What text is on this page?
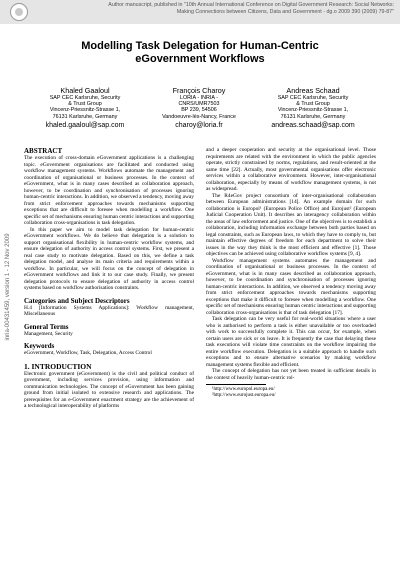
Author manuscript, published in "10th Annual International Conference on Digital Government Research: Social Networks:
Making Connections between Citizens, Data and Government - dg.o 2009 390 (2009) 79-87"
inria-00431459, version 1 - 12 Nov 2009
Modelling Task Delegation for Human-Centric
eGovernment Workflows
Khaled Gaaloul
SAP CEC Karlsruhe, Security
& Trust Group
Vincenz-Priessnitz-Strasse 1,
76131 Karlsruhe, Germany
khaled.gaaloul@sap.com
François Charoy
LORIA - INRIA -
CNRS/UMR7503
BP 239, 54506
Vandoeuvre-lès-Nancy, France
charoy@loria.fr
Andreas Schaad
SAP CEC Karlsruhe, Security
& Trust Group
Vincenz-Priessnitz-Strasse 1,
76131 Karlsruhe, Germany
andreas.schaad@sap.com
ABSTRACT

The execution of cross-domain eGovernment applications is a challenging topic. eGovernment organisations are facilitated and conducted using workflow management systems. Workflows automate the management and coordination of organisational or business processes. In the context of eGovernment, what is in many cases described as collaboration approach, however, to be coordination and synchronisation of processes ignoring human-centric interactions. In addition, we observed a tendency, moving away from strict enforcement approaches towards mechanisms supporting exceptions that are difficult to foresee when modelling a workflow. One specific set of mechanisms ensuring human centric interactions and supporting collaboration cross-organisations is task delegation.

In this paper we aim to model task delegation for human-centric eGovernment workflows. We do believe that delegation is a solution to support organisational flexibility in human-centric workflow systems, and ensure delegation of authority in access control systems. First, we present a real case study to motivate delegation. Based on this, we define a task delegation model, and analyse its main criteria and requirements within a workflow. In particular, we will focus on the concept of delegation in eGovernment workflows and link it to our case study. Finally, we present delegation protocols to ensure delegation of authority in access control systems based on workflow authorisation constraints.

Categories and Subject Descriptors

H.4 [Information Systems Applications]: Workflow management, Miscellaneous

General Terms

Management, Security

Keywords

eGovernment, Workflow, Task, Delegation, Access Control

1. INTRODUCTION

Electronic government (eGovernment) is the civil and political conduct of government, including services provision, using information and communication technologies. The concept of eGovernment has been gaining ground from initial isolated to extensive research and applications. The prerequisites for an e-Government enactment strategy are the achievement of a technological interoperability of platforms

and a deeper cooperation and security at the organisational level. Those requirements are related with the environment in which the public agencies operate, strictly constrained by norms, regulations, and result-oriented at the same time [22]. Actually, most governmental organisations offer electronic services within a collaborative environment. However, inter-organisational collaboration, especially by means of workflow management systems, is not as widespread.

The R4eGov project consortium of inter-organisational collaboration between European administrations [14]. An example domain for such collaboration is Europol¹ (European Police Office) and Eurojust² (European Judicial Cooperation Unit). It describes an interagency collaboration within the areas of law enforcement and justice. One of the objectives is to establish a collaboration, including information exchange between both parties based on legal constraints, such as European laws, to which they have to comply to, but maintain effective degrees of freedom for each department to solve their issues in the way they think is the most efficient and effective [1]. Those objectives can be achieved using collaborative workflow systems [9, 4].

Workflow management systems automates the management and coordination of organisational or business processes. In the context of eGovernment, what is in many cases described as collaboration approach, however, to be coordination and synchronisation of processes ignoring human-centric interactions. In addition, we observed a tendency moving away from strict enforcement approaches towards mechanisms supporting exceptions that make it difficult to foresee when modelling a workflow. One specific set of mechanisms ensuring human centric interactions and supporting collaboration cross-organisations is that of task delegation [17].

Task delegation can be very useful for real-world situations where a user who is authorised to perform a task is either unavailable or too overloaded with work to successfully complete it. This can occur, for example, when certain users are sick or on leave. It is frequently the case that delaying these task executions will violate time constraints on the workflow impairing the entire workflow execution. Delegation is a suitable approach to handle such exceptions and to ensure alternative scenarios by making workflow management systems flexible and efficient.

The concept of delegation has not yet been treated in sufficient details in the context of heavily human-centric rol-

¹http://www.europol.europa.eu/

²http://www.eurojust.europa.eu/
